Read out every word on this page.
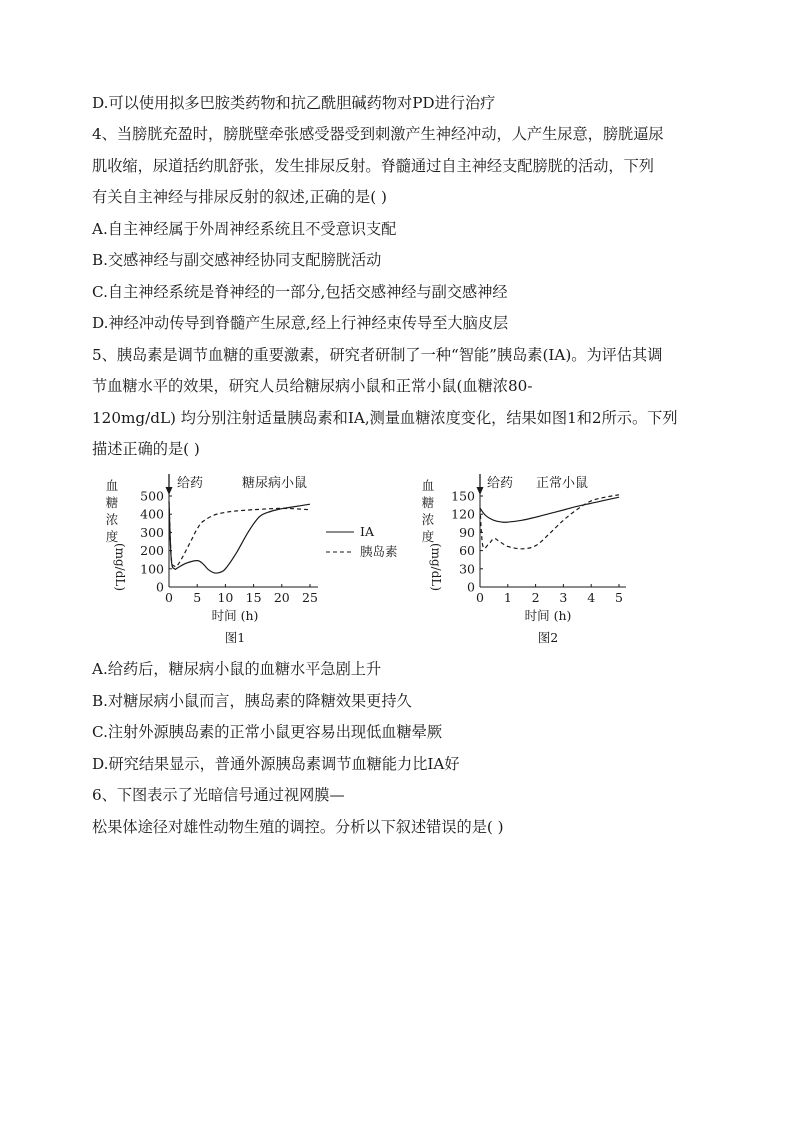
D.可以使用拟多巴胺类药物和抗乙酰胆碱药物对PD进行治疗
4、当膀胱充盈时，膀胱壁牵张感受器受到刺激产生神经冲动，人产生尿意，膀胱逼尿
肌收缩，尿道括约肌舒张，发生排尿反射。脊髓通过自主神经支配膀胱的活动，下列
有关自主神经与排尿反射的叙述,正确的是( )
A.自主神经属于外周神经系统且不受意识支配
B.交感神经与副交感神经协同支配膀胱活动
C.自主神经系统是脊神经的一部分,包括交感神经与副交感神经
D.神经冲动传导到脊髓产生尿意,经上行神经束传导至大脑皮层
5、胰岛素是调节血糖的重要激素，研究者研制了一种“智能”胰岛素(IA)。为评估其调
节血糖水平的效果，研究人员给糖尿病小鼠和正常小鼠(血糖浓80-
120mg/dL) 均分别注射适量胰岛素和IA,测量血糖浓度变化，结果如图1和2所示。下列
描述正确的是( )
血
糖
浓
度
(mg/dL) 0
100
200
300
400
500
0 5 10 15 20 25
给药	糖尿病小鼠
IA
胰岛素
时间 (h)
图1
血
糖
浓
度
(mg/dL) 0
30
60
90
120
150
0 1 2 3 4 5
给药 正常小鼠
时间 (h)
图2
A.给药后，糖尿病小鼠的血糖水平急剧上升
B.对糖尿病小鼠而言，胰岛素的降糖效果更持久
C.注射外源胰岛素的正常小鼠更容易出现低血糖晕厥
D.研究结果显示，普通外源胰岛素调节血糖能力比IA好
6、下图表示了光暗信号通过视网膜—
松果体途径对雄性动物生殖的调控。分析以下叙述错误的是( )
